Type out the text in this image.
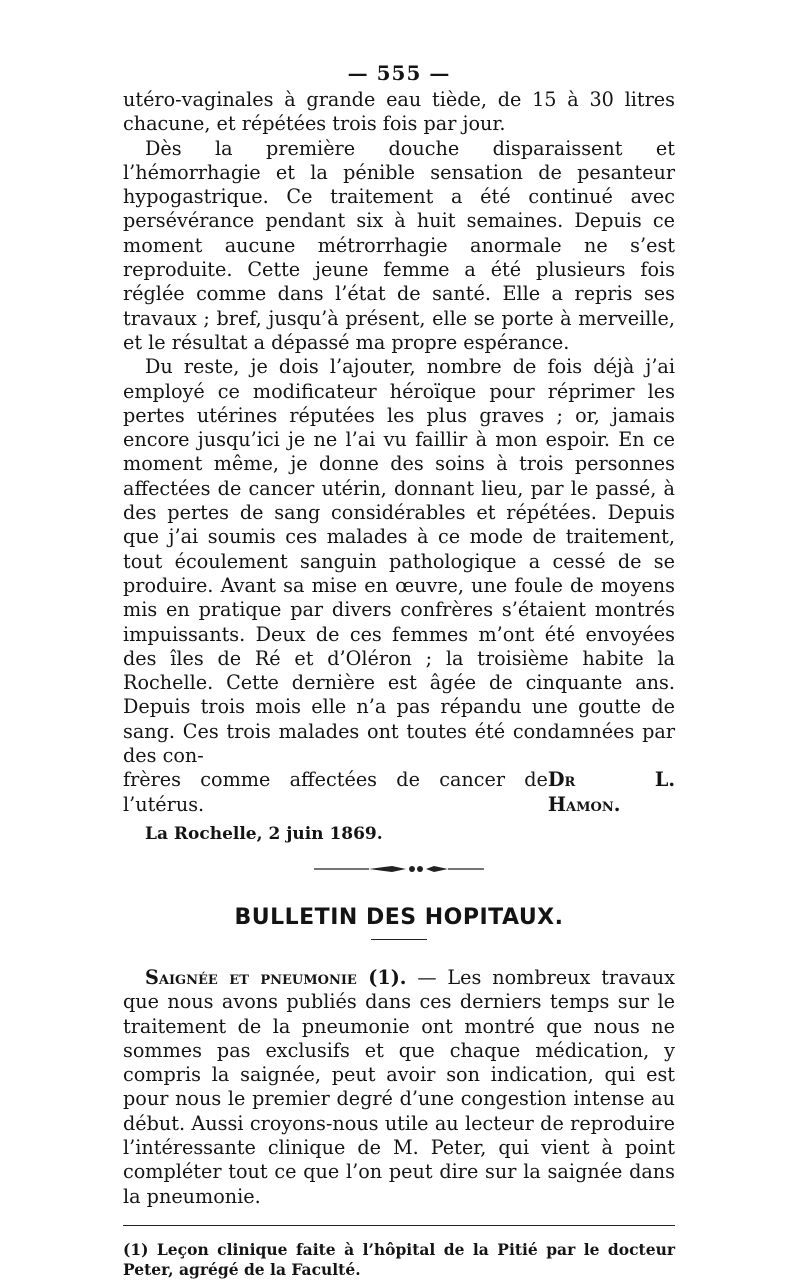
— 555 —

utéro-vaginales à grande eau tiède, de 15 à 30 litres chacune, et répétées trois fois par jour.

Dès la première douche disparaissent et l’hémorrhagie et la pénible sensation de pesanteur hypogastrique. Ce traitement a été continué avec persévérance pendant six à huit semaines. Depuis ce moment aucune métrorrhagie anormale ne s’est reproduite. Cette jeune femme a été plusieurs fois réglée comme dans l’état de santé. Elle a repris ses travaux ; bref, jusqu’à présent, elle se porte à merveille, et le résultat a dépassé ma propre espérance.

Du reste, je dois l’ajouter, nombre de fois déjà j’ai employé ce modificateur héroïque pour réprimer les pertes utérines réputées les plus graves ; or, jamais encore jusqu’ici je ne l’ai vu faillir à mon espoir. En ce moment même, je donne des soins à trois personnes affectées de cancer utérin, donnant lieu, par le passé, à des pertes de sang considérables et répétées. Depuis que j’ai soumis ces malades à ce mode de traitement, tout écoulement sanguin pathologique a cessé de se produire. Avant sa mise en œuvre, une foule de moyens mis en pratique par divers confrères s’étaient montrés impuissants. Deux de ces femmes m’ont été envoyées des îles de Ré et d’Oléron ; la troisième habite la Rochelle. Cette dernière est âgée de cinquante ans. Depuis trois mois elle n’a pas répandu une goutte de sang. Ces trois malades ont toutes été condamnées par des con-

frères comme affectées de cancer de l’utérus.
Dr L. Hamon.
La Rochelle, 2 juin 1869.
BULLETIN DES HOPITAUX.

Saignée et pneumonie (1). — Les nombreux travaux que nous avons publiés dans ces derniers temps sur le traitement de la pneumonie ont montré que nous ne sommes pas exclusifs et que chaque médication, y compris la saignée, peut avoir son indication, qui est pour nous le premier degré d’une congestion intense au début. Aussi croyons-nous utile au lecteur de reproduire l’intéressante clinique de M. Peter, qui vient à point compléter tout ce que l’on peut dire sur la saignée dans la pneumonie.

(1) Leçon clinique faite à l’hôpital de la Pitié par le docteur Peter, agrégé de la Faculté.
